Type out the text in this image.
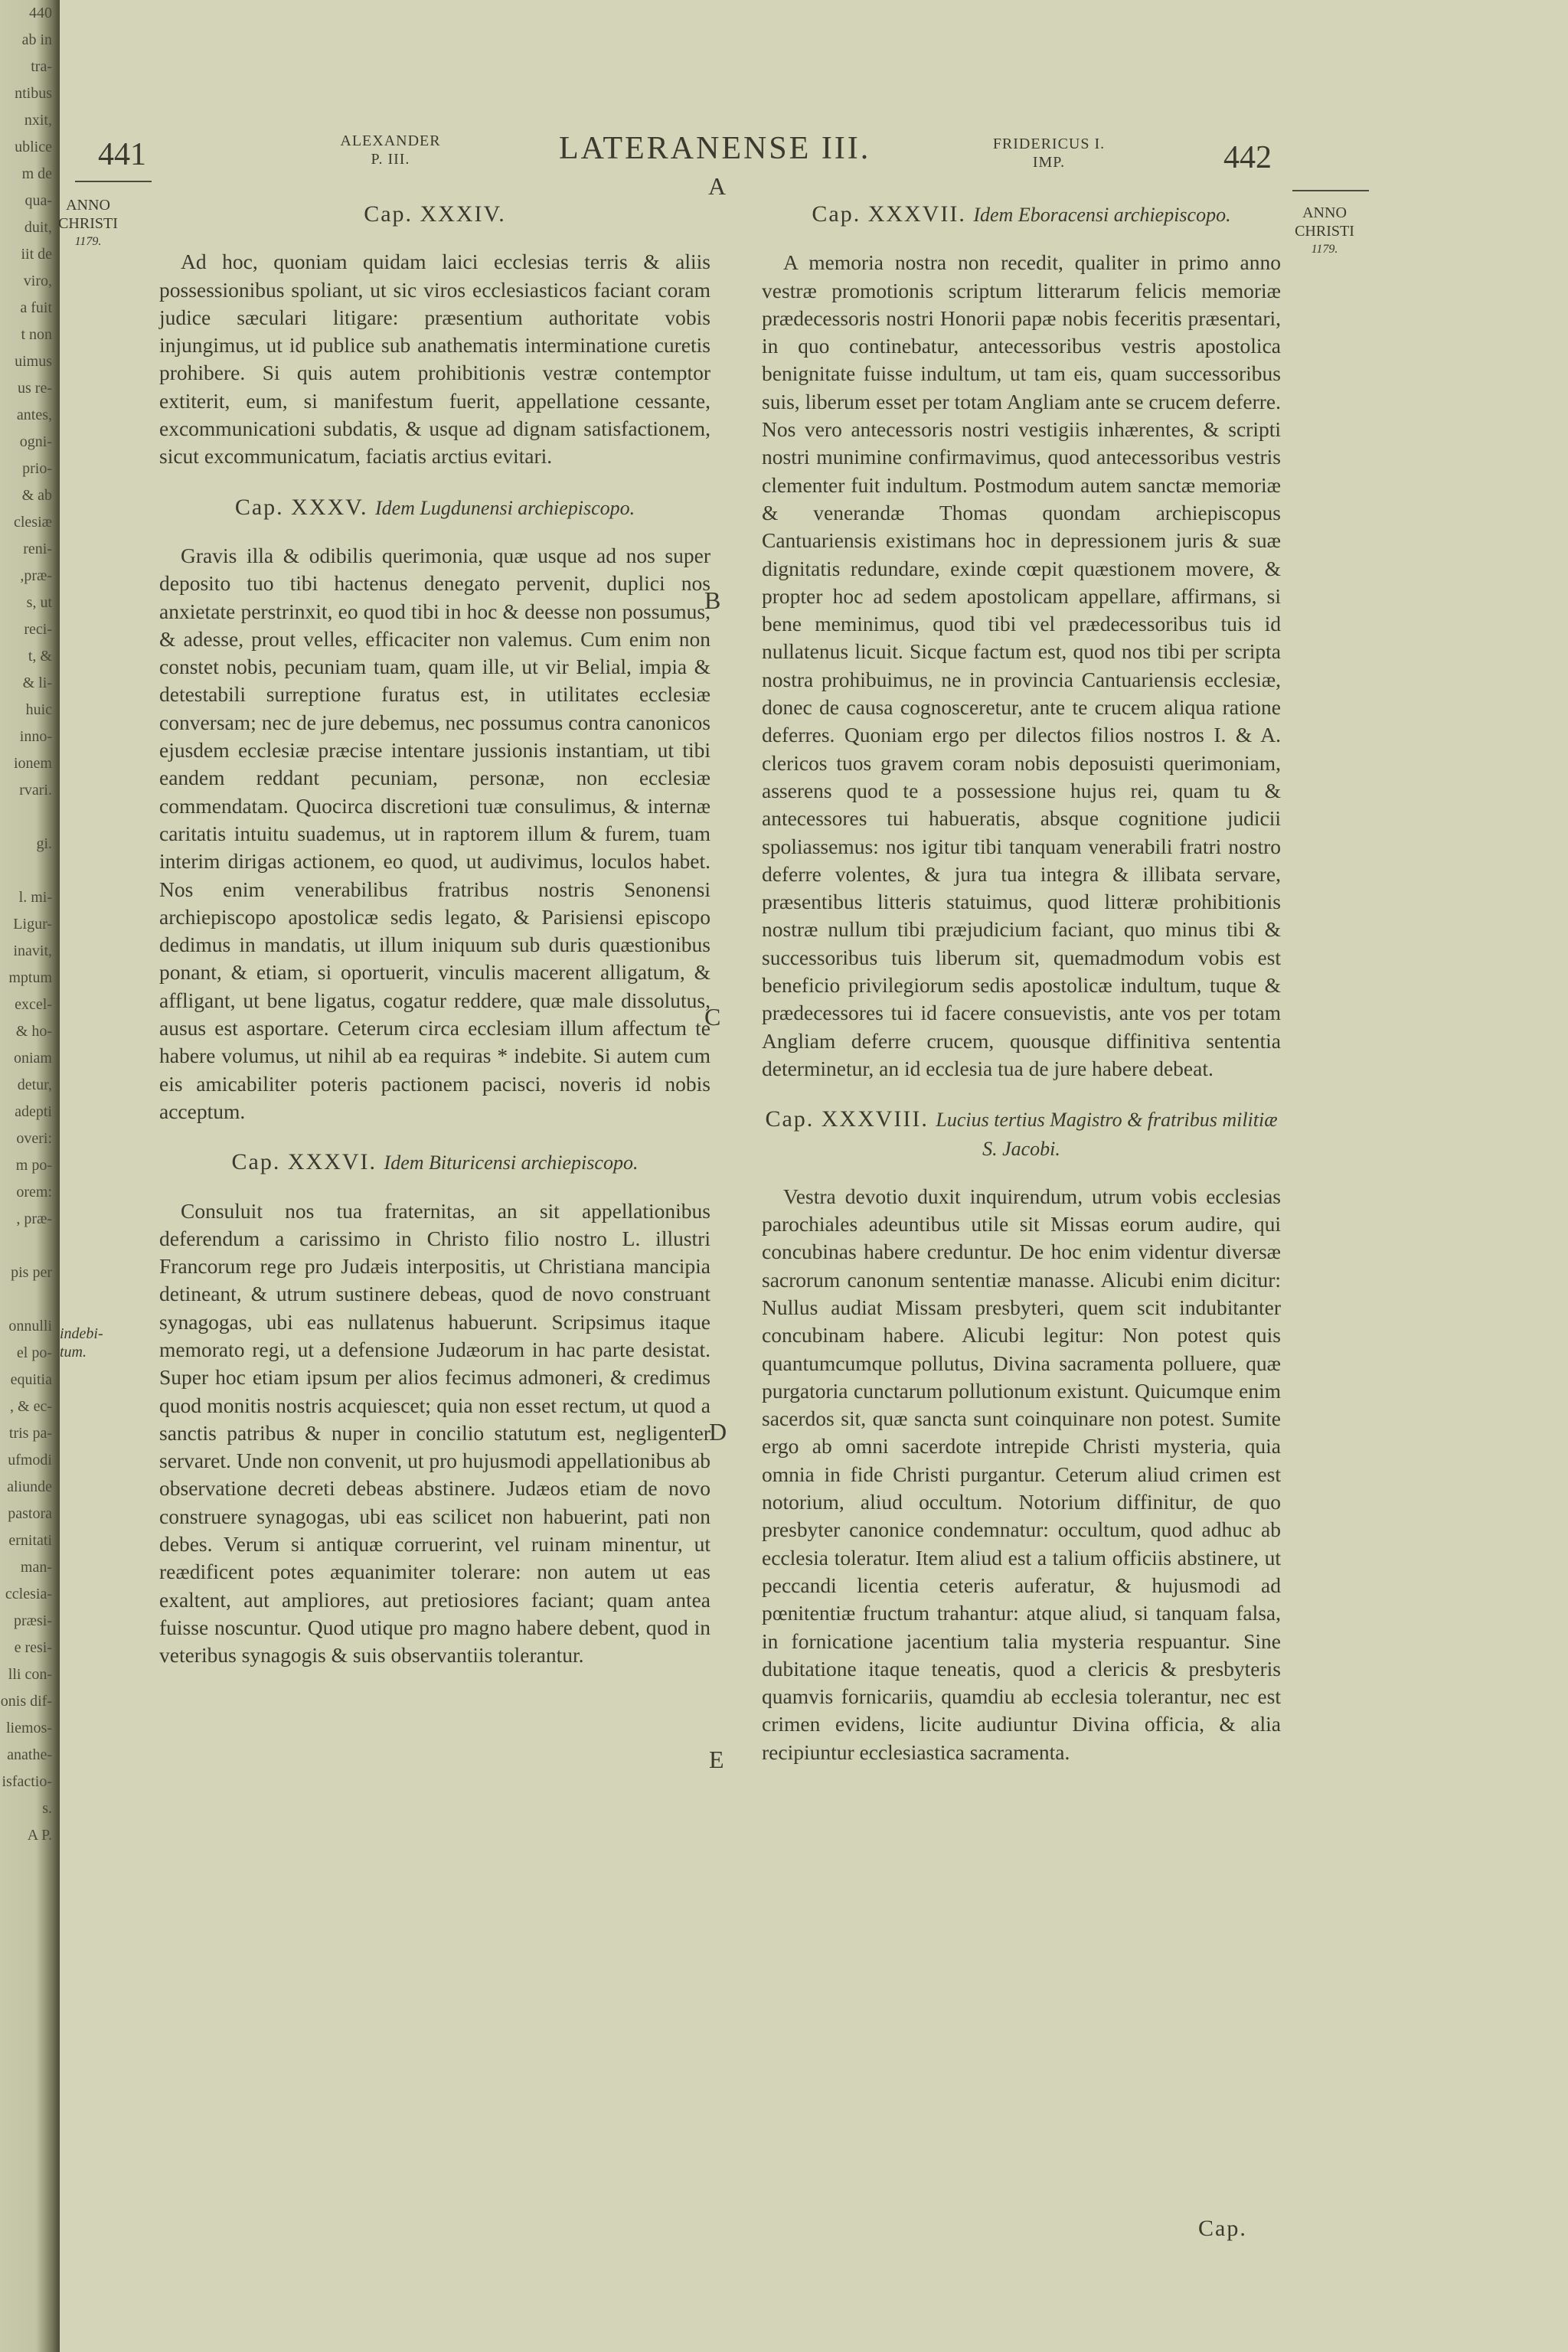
440
ab in
tra-
ntibus
nxit,
ublice
m de
qua-
duit,
iit de
viro,
a fuit
t non
uimus
us re-
antes,
ogni-
prio-
& ab
clesiæ
reni-
,præ-
s, ut
reci-
t, &
& li-
huic
inno-
ionem
rvari.

gi.

l. mi-
Ligur-
inavit,
mptum
excel-
& ho-
oniam
detur,
adepti
overi:
m po-
orem:
, præ-

pis per

onnulli
el po-
equitia
, & ec-
tris pa-
ufmodi
aliunde
pastora
ernitati
man-
cclesia-
præsi-
e resi-
lli con-
onis dif-
liemos-
anathe-
isfactio-
s.
A P.
441	ALEXANDER
P. III.	LATERANENSE III.	FRIDERICUS I.
IMP.	442
ANNO
CHRISTI
1179.
ANNO
CHRISTI
1179.
A
B
C
D
E
indebi-
tum.
Cap. XXXIV.

Ad hoc, quoniam quidam laici ecclesias terris & aliis possessionibus spoliant, ut sic viros ecclesiasticos faciant coram judice sæculari litigare: præsentium authoritate vobis injungimus, ut id publice sub anathematis interminatione curetis prohibere. Si quis autem prohibitionis vestræ contemptor extiterit, eum, si manifestum fuerit, appellatione cessante, excommunicationi subdatis, & usque ad dignam satisfactionem, sicut excommunicatum, faciatis arctius evitari.

Cap. XXXV. Idem Lugdunensi archiepiscopo.

Gravis illa & odibilis querimonia, quæ usque ad nos super deposito tuo tibi hactenus denegato pervenit, duplici nos anxietate perstrinxit, eo quod tibi in hoc & deesse non possumus, & adesse, prout velles, efficaciter non valemus. Cum enim non constet nobis, pecuniam tuam, quam ille, ut vir Belial, impia & detestabili surreptione furatus est, in utilitates ecclesiæ conversam; nec de jure debemus, nec possumus contra canonicos ejusdem ecclesiæ præcise intentare jussionis instantiam, ut tibi eandem reddant pecuniam, personæ, non ecclesiæ commendatam. Quocirca discretioni tuæ consulimus, & internæ caritatis intuitu suademus, ut in raptorem illum & furem, tuam interim dirigas actionem, eo quod, ut audivimus, loculos habet. Nos enim venerabilibus fratribus nostris Senonensi archiepiscopo apostolicæ sedis legato, & Parisiensi episcopo dedimus in mandatis, ut illum iniquum sub duris quæstionibus ponant, & etiam, si oportuerit, vinculis macerent alligatum, & affligant, ut bene ligatus, cogatur reddere, quæ male dissolutus, ausus est asportare. Ceterum circa ecclesiam illum affectum te habere volumus, ut nihil ab ea requiras * indebite. Si autem cum eis amicabiliter poteris pactionem pacisci, noveris id nobis acceptum.

Cap. XXXVI. Idem Bituricensi archiepiscopo.

Consuluit nos tua fraternitas, an sit appellationibus deferendum a carissimo in Christo filio nostro L. illustri Francorum rege pro Judæis interpositis, ut Christiana mancipia detineant, & utrum sustinere debeas, quod de novo construant synagogas, ubi eas nullatenus habuerunt. Scripsimus itaque memorato regi, ut a defensione Judæorum in hac parte desistat. Super hoc etiam ipsum per alios fecimus admoneri, & credimus quod monitis nostris acquiescet; quia non esset rectum, ut quod a sanctis patribus & nuper in concilio statutum est, negligenter servaret. Unde non convenit, ut pro hujusmodi appellationibus ab observatione decreti debeas abstinere. Judæos etiam de novo construere synagogas, ubi eas scilicet non habuerint, pati non debes. Verum si antiquæ corruerint, vel ruinam minentur, ut reædificent potes æquanimiter tolerare: non autem ut eas exaltent, aut ampliores, aut pretiosiores faciant; quam antea fuisse noscuntur. Quod utique pro magno habere debent, quod in veteribus synagogis & suis observantiis tolerantur.

Cap. XXXVII. Idem Eboracensi archiepiscopo.

A memoria nostra non recedit, qualiter in primo anno vestræ promotionis scriptum litterarum felicis memoriæ prædecessoris nostri Honorii papæ nobis feceritis præsentari, in quo continebatur, antecessoribus vestris apostolica benignitate fuisse indultum, ut tam eis, quam successoribus suis, liberum esset per totam Angliam ante se crucem deferre. Nos vero antecessoris nostri vestigiis inhærentes, & scripti nostri munimine confirmavimus, quod antecessoribus vestris clementer fuit indultum. Postmodum autem sanctæ memoriæ & venerandæ Thomas quondam archiepiscopus Cantuariensis existimans hoc in depressionem juris & suæ dignitatis redundare, exinde cœpit quæstionem movere, & propter hoc ad sedem apostolicam appellare, affirmans, si bene meminimus, quod tibi vel prædecessoribus tuis id nullatenus licuit. Sicque factum est, quod nos tibi per scripta nostra prohibuimus, ne in provincia Cantuariensis ecclesiæ, donec de causa cognosceretur, ante te crucem aliqua ratione deferres. Quoniam ergo per dilectos filios nostros I. & A. clericos tuos gravem coram nobis deposuisti querimoniam, asserens quod te a possessione hujus rei, quam tu & antecessores tui habueratis, absque cognitione judicii spoliassemus: nos igitur tibi tanquam venerabili fratri nostro deferre volentes, & jura tua integra & illibata servare, præsentibus litteris statuimus, quod litteræ prohibitionis nostræ nullum tibi præjudicium faciant, quo minus tibi & successoribus tuis liberum sit, quemadmodum vobis est beneficio privilegiorum sedis apostolicæ indultum, tuque & prædecessores tui id facere consuevistis, ante vos per totam Angliam deferre crucem, quousque diffinitiva sententia determinetur, an id ecclesia tua de jure habere debeat.

Cap. XXXVIII. Lucius tertius Magistro & fratribus militiæ S. Jacobi.

Vestra devotio duxit inquirendum, utrum vobis ecclesias parochiales adeuntibus utile sit Missas eorum audire, qui concubinas habere creduntur. De hoc enim videntur diversæ sacrorum canonum sententiæ manasse. Alicubi enim dicitur: Nullus audiat Missam presbyteri, quem scit indubitanter concubinam habere. Alicubi legitur: Non potest quis quantumcumque pollutus, Divina sacramenta polluere, quæ purgatoria cunctarum pollutionum existunt. Quicumque enim sacerdos sit, quæ sancta sunt coinquinare non potest. Sumite ergo ab omni sacerdote intrepide Christi mysteria, quia omnia in fide Christi purgantur. Ceterum aliud crimen est notorium, aliud occultum. Notorium diffinitur, de quo presbyter canonice condemnatur: occultum, quod adhuc ab ecclesia toleratur. Item aliud est a talium officiis abstinere, ut peccandi licentia ceteris auferatur, & hujusmodi ad pœnitentiæ fructum trahantur: atque aliud, si tanquam falsa, in fornicatione jacentium talia mysteria respuantur. Sine dubitatione itaque teneatis, quod a clericis & presbyteris quamvis fornicariis, quamdiu ab ecclesia tolerantur, nec est crimen evidens, licite audiuntur Divina officia, & alia recipiuntur ecclesiastica sacramenta.

Cap.
